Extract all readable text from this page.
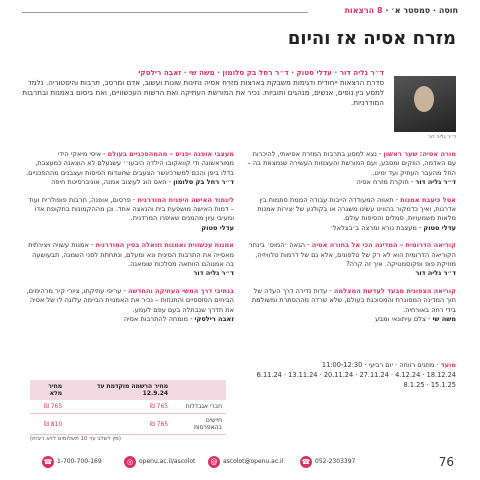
חוסה · סמסטר א׳ · 8 הרצאות
מזרח אסיה אז והיום
ד״ר גליה דור
ד״ר גליה דור · עדלי סטוק · ד״ר רחל בק סלומון · משה שי · זאבה רילסקי
סדרת הרצאות ייחודית ודגימות משבקת בארצות מזרח אסיה נוזינות שונות ועשוב, אדם ומרסב, תרבות והיסטוריה. נלמד למסע בין נופים, אנשים, מנהגים ותוביות. נכיר את המורשת העתיקה ואת הרשות העכשוויים, ואת ביסום באמנות ובתרבות המודרניות.
מורה אסיה: שער ראשון - נצא למסע בתרבות המזרח אסיאתי, להיכרות עם האדמה, הווקים ומסבע, ועם המורשת והעצמות העשירה שנמצאת בה – החל מהעבר העתיק ועד ימינו.
ד״ר גליה דור - חוקרת מזרח אסיה
אסל כיעבת אמנות - תאווה המעודדה הייבות עבודה הממת סתמות בין אדרגות, ואיך כדמקור בהווינו עשינו משגרה או בקולנע של יצירות אמנות מלאות משמעויות, סמלים והסיפות עולם.
עדלי סטוק - מעצבת נורא ומרצה ב׳בצלאל׳
קוריאה הדרומית – המדינה הכי אל בחורה אסיה - הגאה ׳המוס׳ בינתר הקוריאה הדרומית הוא לא רק של טלפונים, אלא גם של דרמות טלוויזיה, מוזיקת פופ ופקוסמטיקה. איך זה קרה?
ד״ר גליה דור
קוריאה הצפונית מבעד לעדשת המצלמה - עדות נדירה דרך העדה של תוך המדינה המסוגרת והמסוכנת בעולם, שלא שרדה מההסתרת ומשולמת בידי רחה באורחיה.
משה שי - צלם עיתונאי ומבע
מעצבי אופנה יפנים – מהמהפכניים בעולם - איסי מיאקי הידי ממוראשוגה ודי קוואקובו הילדה היבעו׳׳ עשנעלם לא הוצאנה כמעצבת, בדלו ביפן והכם למשרכיגשר הצעבים שחוגדות הפיסות ועצבנים מההפכניים.
ד״ר רחל בק סלומון - חאס הוג לעיצוב אמנה, אוניברסיטת חיפה
ליגמוד האישה היפנית המודרנית - פרסום, אופנה, תרבות פופולרית ועוד – דמות האישה מושפעת בית והנאצה אחד. וכן מההקמונות בתקופת אדו ומעיבי עיון מהמנים שאיפרו המרדנית.
עדלי סטוק
אמנות עכשווית ואמנות וזואלה בסין המודרנית - אמנות עשויה ויצירתית מאסייה את התרבות הסינית ונא ומעלם, ונתחתת לסני השמנה, תבעושעה בה אמנוהם הוותאה מסלכות שומאנה.
ד״ר גליה דור
בנתיבי דרך המשי העתיקה והחדשה - עריפי עתיקתו, ציורי קיר מרהימים, הביחים הסוססיים והתנוזות – נכיר את האמנוית הביימה עלוגה לו של אסיה את תדרך שנבתלה בעם עפם לעמע.
זאבה רילסקי - מומחה להתרבות אסיה
מועד · מוזגים רווחה · יום רביעי · 11:00-12:30
18.12.24 · 4.12.24 · 27.11.24 · 20.11.24 · 13.11.24 · 6.11.24
15.1.25 · 8.1.25
	מחיר הרשמה מוקדמת עד 12.9.24	מחיר מלא
חברי אגבדלות	765 ₪	765 ₪
חיישים בהאפרסות	765 ₪	810 ₪
(מין לשלב עד 10 תשלומים ללא ריבית)
76
☎ 052-2303397
@ ascolot@openu.ac.il
◎ openu.ac.il/ascolot
☎ 1-700-700-169
